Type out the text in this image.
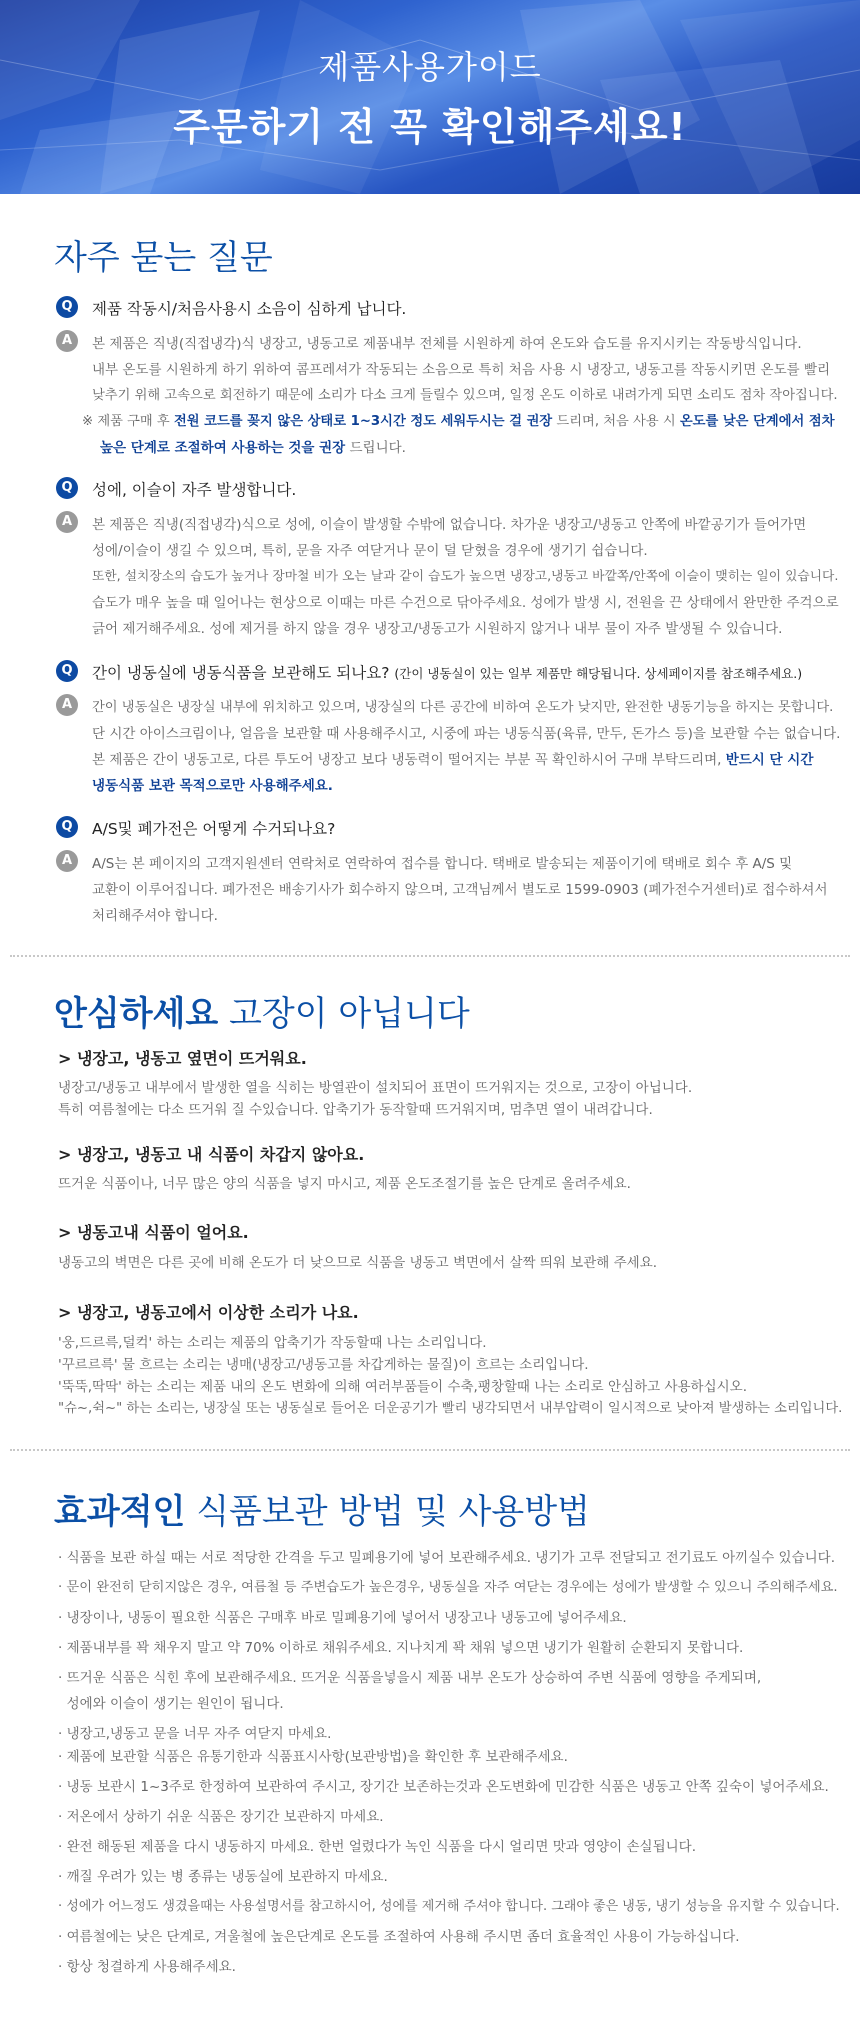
제품사용가이드
주문하기 전 꼭 확인해주세요!
자주 묻는 질문
Q	제품 작동시/처음사용시 소음이 심하게 납니다.
A	본 제품은 직냉(직접냉각)식 냉장고, 냉동고로 제품내부 전체를 시원하게 하여 온도와 습도를 유지시키는 작동방식입니다.
내부 온도를 시원하게 하기 위하여 콤프레셔가 작동되는 소음으로 특히 처음 사용 시 냉장고, 냉동고를 작동시키면 온도를 빨리
낮추기 위해 고속으로 회전하기 때문에 소리가 다소 크게 들릴수 있으며, 일정 온도 이하로 내려가게 되면 소리도 점차 작아집니다.
※ 제품 구매 후 전원 코드를 꽂지 않은 상태로 1~3시간 정도 세워두시는 걸 권장 드리며, 처음 사용 시 온도를 낮은 단계에서 점차
높은 단계로 조절하여 사용하는 것을 권장 드립니다.
Q	성에, 이슬이 자주 발생합니다.
A	본 제품은 직냉(직접냉각)식으로 성에, 이슬이 발생할 수밖에 없습니다. 차가운 냉장고/냉동고 안쪽에 바깥공기가 들어가면
성에/이슬이 생길 수 있으며, 특히, 문을 자주 여닫거나 문이 덜 닫혔을 경우에 생기기 쉽습니다.
또한, 설치장소의 습도가 높거나 장마철 비가 오는 날과 같이 습도가 높으면 냉장고,냉동고 바깥쪽/안쪽에 이슬이 맺히는 일이 있습니다.
습도가 매우 높을 때 일어나는 현상으로 이때는 마른 수건으로 닦아주세요. 성에가 발생 시, 전원을 끈 상태에서 완만한 주걱으로
긁어 제거해주세요. 성에 제거를 하지 않을 경우 냉장고/냉동고가 시원하지 않거나 내부 물이 자주 발생될 수 있습니다.
Q	간이 냉동실에 냉동식품을 보관해도 되나요? (간이 냉동실이 있는 일부 제품만 해당됩니다. 상세페이지를 참조해주세요.)
A	간이 냉동실은 냉장실 내부에 위치하고 있으며, 냉장실의 다른 공간에 비하여 온도가 낮지만, 완전한 냉동기능을 하지는 못합니다.
단 시간 아이스크림이나, 얼음을 보관할 때 사용해주시고, 시중에 파는 냉동식품(육류, 만두, 돈가스 등)을 보관할 수는 없습니다.
본 제품은 간이 냉동고로, 다른 투도어 냉장고 보다 냉동력이 떨어지는 부분 꼭 확인하시어 구매 부탁드리며, 반드시 단 시간
냉동식품 보관 목적으로만 사용해주세요.
Q	A/S및 폐가전은 어떻게 수거되나요?
A	A/S는 본 페이지의 고객지원센터 연락처로 연락하여 접수를 합니다. 택배로 발송되는 제품이기에 택배로 회수 후 A/S 및
교환이 이루어집니다. 폐가전은 배송기사가 회수하지 않으며, 고객님께서 별도로 1599-0903 (폐가전수거센터)로 접수하셔서
처리해주셔야 합니다.
안심하세요 고장이 아닙니다
> 냉장고, 냉동고 옆면이 뜨거워요.
냉장고/냉동고 내부에서 발생한 열을 식히는 방열관이 설치되어 표면이 뜨거워지는 것으로, 고장이 아닙니다.
특히 여름철에는 다소 뜨거워 질 수있습니다. 압축기가 동작할때 뜨거워지며, 멈추면 열이 내려갑니다.
> 냉장고, 냉동고 내 식품이 차갑지 않아요.
뜨거운 식품이나, 너무 많은 양의 식품을 넣지 마시고, 제품 온도조절기를 높은 단계로 올려주세요.
> 냉동고내 식품이 얼어요.
냉동고의 벽면은 다른 곳에 비해 온도가 더 낮으므로 식품을 냉동고 벽면에서 살짝 띄워 보관해 주세요.
> 냉장고, 냉동고에서 이상한 소리가 나요.
'웅,드르륵,덜컥' 하는 소리는 제품의 압축기가 작동할때 나는 소리입니다.
'꾸르르륵' 물 흐르는 소리는 냉매(냉장고/냉동고를 차갑게하는 물질)이 흐르는 소리입니다.
'뚝뚝,딱딱' 하는 소리는 제품 내의 온도 변화에 의해 여러부품들이 수축,팽창할때 나는 소리로 안심하고 사용하십시오.
"슈~,쉭~" 하는 소리는, 냉장실 또는 냉동실로 들어온 더운공기가 빨리 냉각되면서 내부압력이 일시적으로 낮아져 발생하는 소리입니다.
효과적인 식품보관 방법 및 사용방법
· 식품을 보관 하실 때는 서로 적당한 간격을 두고 밀폐용기에 넣어 보관해주세요. 냉기가 고루 전달되고 전기료도 아끼실수 있습니다.
· 문이 완전히 닫히지않은 경우, 여름철 등 주변습도가 높은경우, 냉동실을 자주 여닫는 경우에는 성에가 발생할 수 있으니 주의해주세요.
· 냉장이나, 냉동이 필요한 식품은 구매후 바로 밀폐용기에 넣어서 냉장고나 냉동고에 넣어주세요.
· 제품내부를 꽉 채우지 말고 약 70% 이하로 채워주세요. 지나치게 꽉 채워 넣으면 냉기가 원활히 순환되지 못합니다.
· 뜨거운 식품은 식힌 후에 보관해주세요. 뜨거운 식품을넣을시 제품 내부 온도가 상승하여 주변 식품에 영향을 주게되며,
성에와 이슬이 생기는 원인이 됩니다.
· 냉장고,냉동고 문을 너무 자주 여닫지 마세요.
· 제품에 보관할 식품은 유통기한과 식품표시사항(보관방법)을 확인한 후 보관해주세요.
· 냉동 보관시 1~3주로 한정하여 보관하여 주시고, 장기간 보존하는것과 온도변화에 민감한 식품은 냉동고 안쪽 깊숙이 넣어주세요.
· 저온에서 상하기 쉬운 식품은 장기간 보관하지 마세요.
· 완전 해동된 제품을 다시 냉동하지 마세요. 한번 얼렸다가 녹인 식품을 다시 얼리면 맛과 영양이 손실됩니다.
· 깨질 우려가 있는 병 종류는 냉동실에 보관하지 마세요.
· 성에가 어느정도 생겼을때는 사용설명서를 참고하시어, 성에를 제거해 주셔야 합니다. 그래야 좋은 냉동, 냉기 성능을 유지할 수 있습니다.
· 여름철에는 낮은 단계로, 겨울철에 높은단계로 온도를 조절하여 사용해 주시면 좀더 효율적인 사용이 가능하십니다.
· 항상 청결하게 사용해주세요.
